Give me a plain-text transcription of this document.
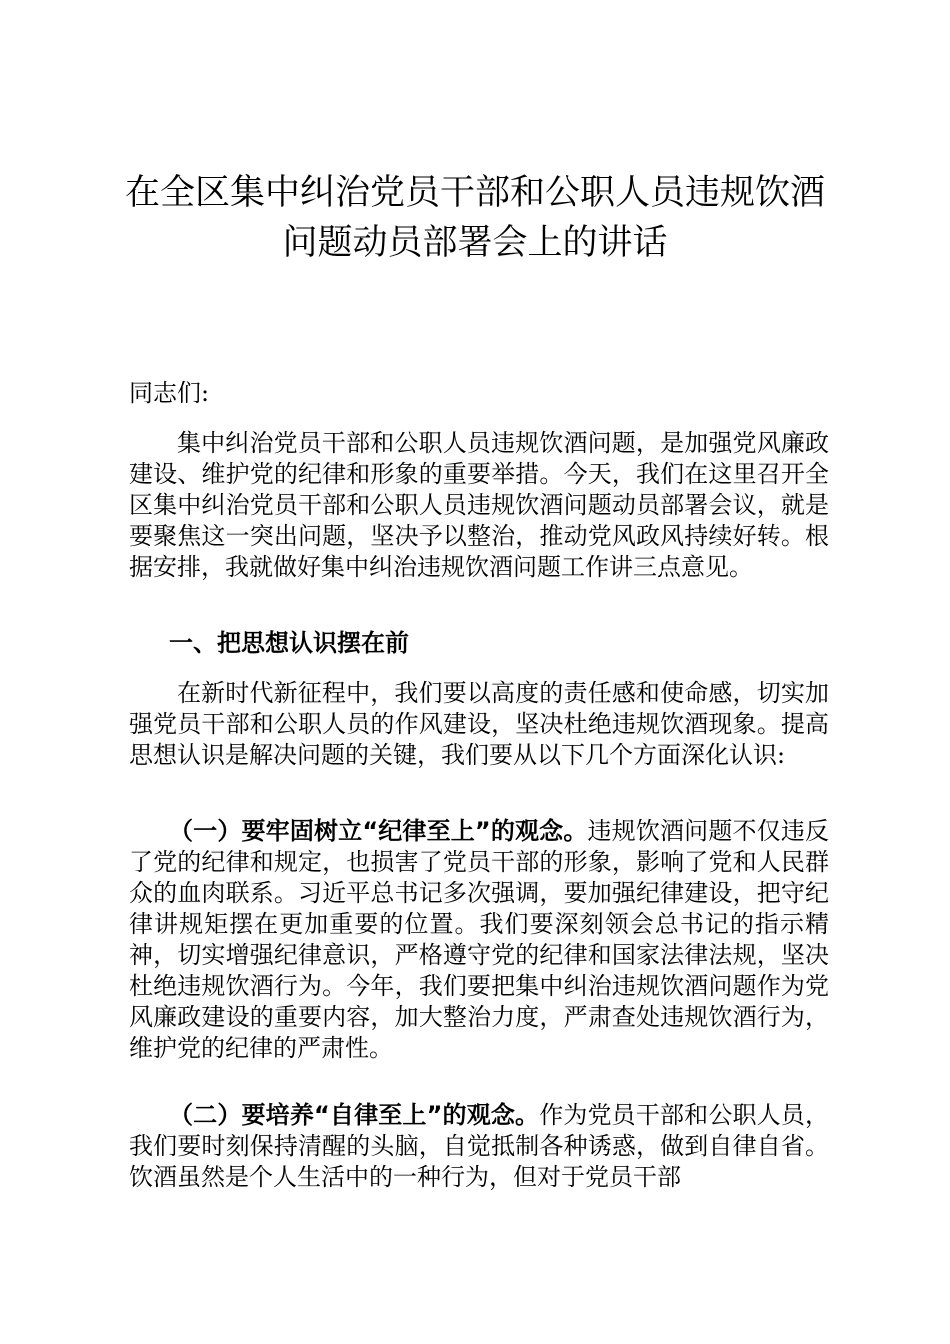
在全区集中纠治党员干部和公职人员违规饮酒
问题动员部署会上的讲话

同志们:

集中纠治党员干部和公职人员违规饮酒问题，是加强党风廉政建设、维护党的纪律和形象的重要举措。今天，我们在这里召开全区集中纠治党员干部和公职人员违规饮酒问题动员部署会议，就是要聚焦这一突出问题，坚决予以整治，推动党风政风持续好转。根据安排，我就做好集中纠治违规饮酒问题工作讲三点意见。

一、把思想认识摆在前

在新时代新征程中，我们要以高度的责任感和使命感，切实加强党员干部和公职人员的作风建设，坚决杜绝违规饮酒现象。提高思想认识是解决问题的关键，我们要从以下几个方面深化认识:

（一）要牢固树立“纪律至上”的观念。违规饮酒问题不仅违反了党的纪律和规定，也损害了党员干部的形象，影响了党和人民群众的血肉联系。习近平总书记多次强调，要加强纪律建设，把守纪律讲规矩摆在更加重要的位置。我们要深刻领会总书记的指示精神，切实增强纪律意识，严格遵守党的纪律和国家法律法规，坚决杜绝违规饮酒行为。今年，我们要把集中纠治违规饮酒问题作为党风廉政建设的重要内容，加大整治力度，严肃查处违规饮酒行为，维护党的纪律的严肃性。

（二）要培养“自律至上”的观念。作为党员干部和公职人员，我们要时刻保持清醒的头脑，自觉抵制各种诱惑，做到自律自省。饮酒虽然是个人生活中的一种行为，但对于党员干部
